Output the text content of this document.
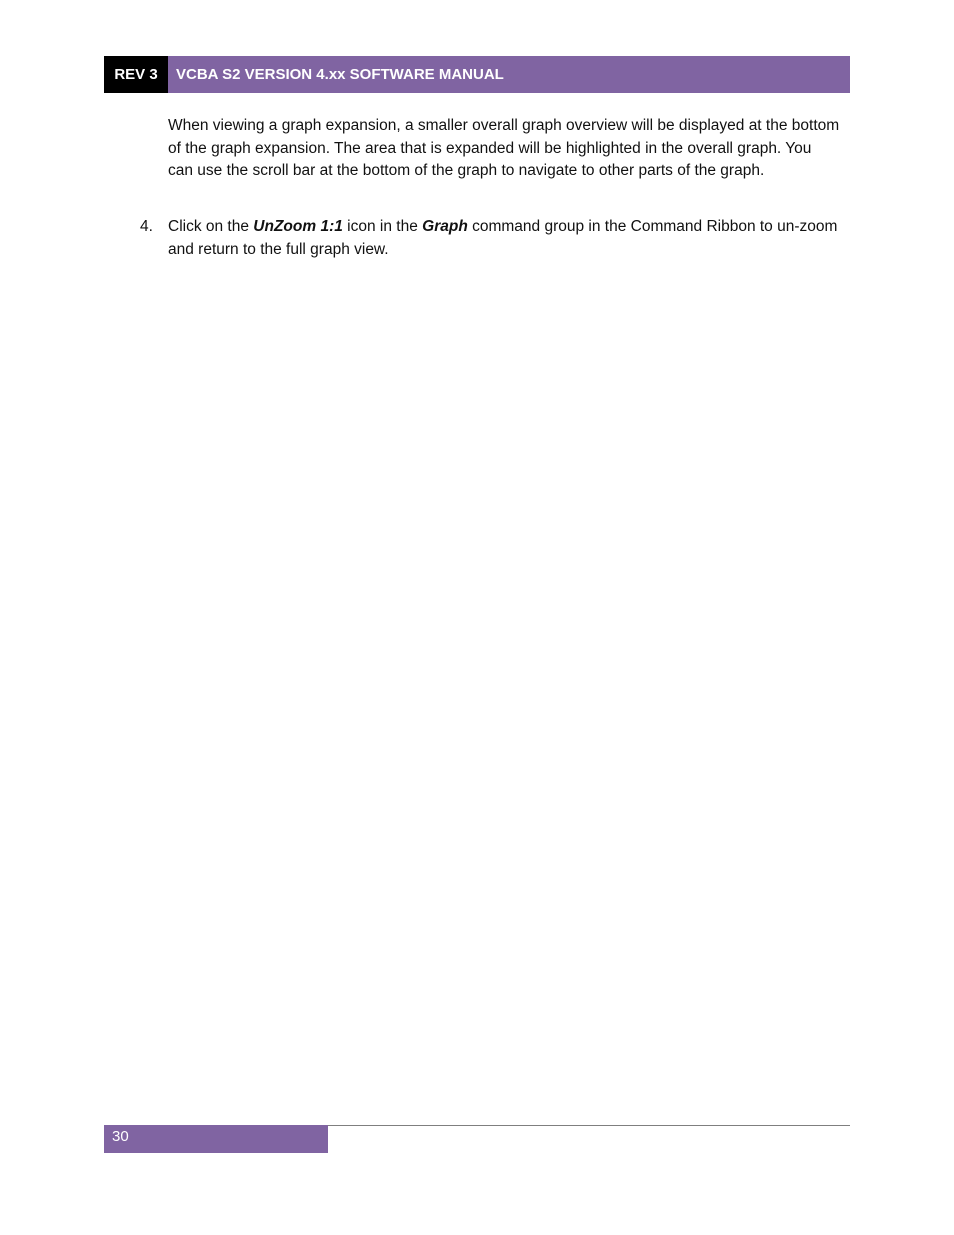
REV 3	VCBA S2 VERSION 4.xx SOFTWARE MANUAL

When viewing a graph expansion, a smaller overall graph overview will be displayed at the bottom of the graph expansion. The area that is expanded will be highlighted in the overall graph. You can use the scroll bar at the bottom of the graph to navigate to other parts of the graph.

4. Click on the UnZoom 1:1 icon in the Graph command group in the Command Ribbon to un-zoom and return to the full graph view.
30
